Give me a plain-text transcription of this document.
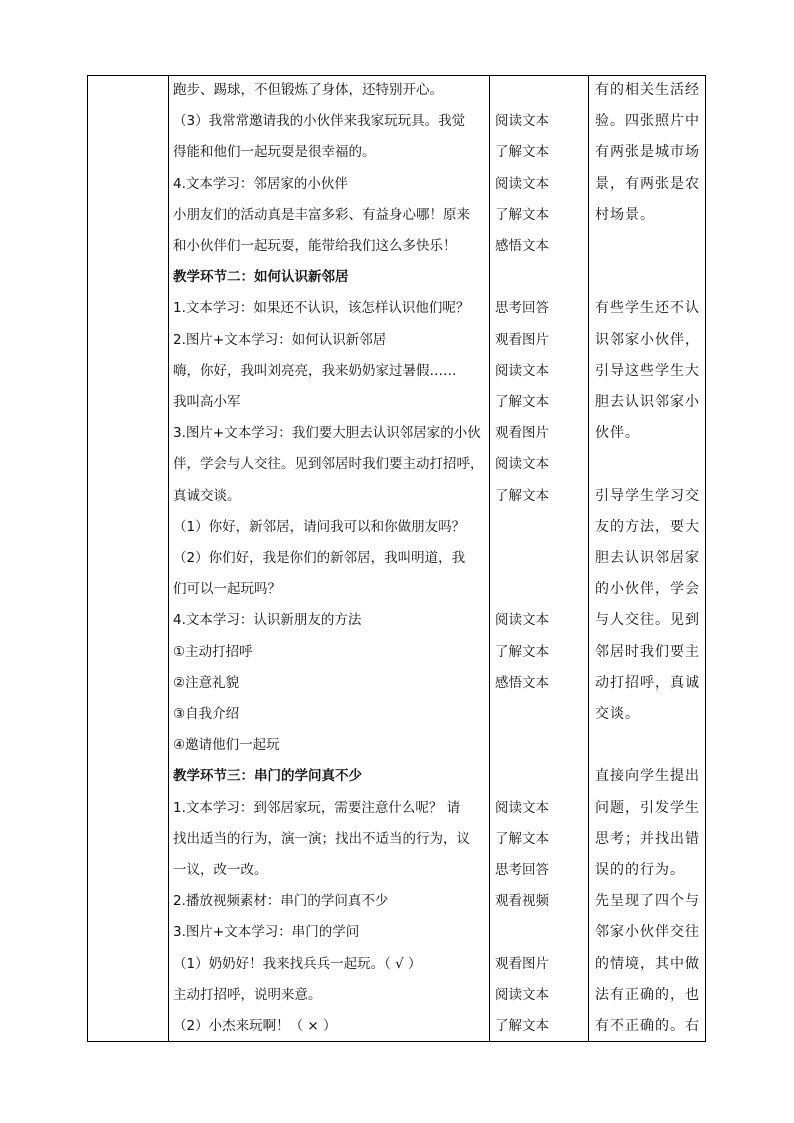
跑步、踢球，不但锻炼了身体，还特别开心。
（3）我常常邀请我的小伙伴来我家玩玩具。我觉
得能和他们一起玩耍是很幸福的。
4.文本学习：邻居家的小伙伴
小朋友们的活动真是丰富多彩、有益身心哪！原来
和小伙伴们一起玩耍，能带给我们这么多快乐！
教学环节二：如何认识新邻居
1.文本学习：如果还不认识，该怎样认识他们呢？
2.图片+文本学习：如何认识新邻居
嗨，你好，我叫刘亮亮，我来奶奶家过暑假……
我叫高小军
3.图片+文本学习：我们要大胆去认识邻居家的小伙
伴，学会与人交往。见到邻居时我们要主动打招呼，
真诚交谈。
（1）你好，新邻居，请问我可以和你做朋友吗？
（2）你们好，我是你们的新邻居，我叫明道，我
们可以一起玩吗？
4.文本学习：认识新朋友的方法
①主动打招呼
②注意礼貌
③自我介绍
④邀请他们一起玩
教学环节三：串门的学问真不少
1.文本学习：到邻居家玩，需要注意什么呢？ 请
找出适当的行为，演一演；找出不适当的行为，议
一议，改一改。
2.播放视频素材：串门的学问真不少
3.图片+文本学习：串门的学问
（1）奶奶好！我来找兵兵一起玩。（ √ ）
主动打招呼，说明来意。
（2）小杰来玩啊！（ × ）
阅读文本
了解文本
阅读文本
了解文本
感悟文本
思考回答
观看图片
阅读文本
了解文本
观看图片
阅读文本
了解文本
阅读文本
了解文本
感悟文本
阅读文本
了解文本
思考回答
观看视频
观看图片
阅读文本
了解文本
有的相关生活经
验。四张照片中
有两张是城市场
景，有两张是农
村场景。
有些学生还不认
识邻家小伙伴，
引导这些学生大
胆去认识邻家小
伙伴。
引导学生学习交
友的方法，要大
胆去认识邻居家
的小伙伴，学会
与人交往。见到
邻居时我们要主
动打招呼，真诚
交谈。
直接向学生提出
问题，引发学生
思考；并找出错
误的的行为。
先呈现了四个与
邻家小伙伴交往
的情境，其中做
法有正确的，也
有不正确的。右
